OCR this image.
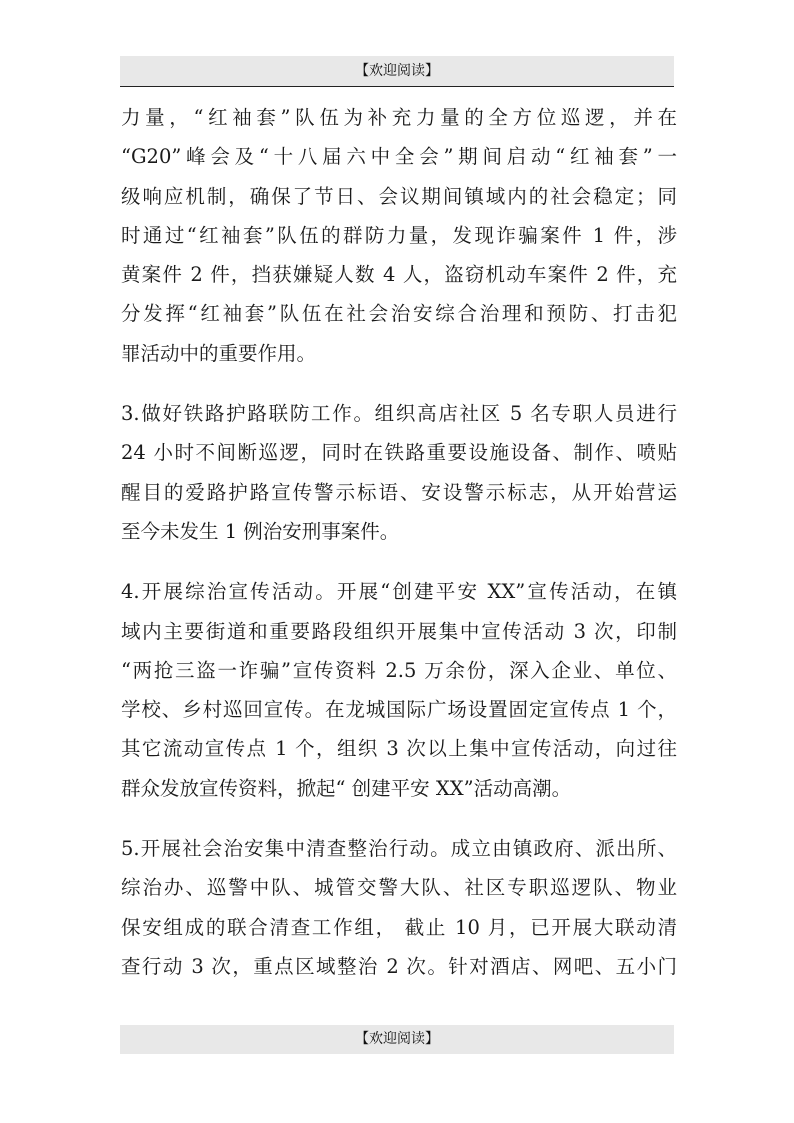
【欢迎阅读】

力量，“红袖套”队伍为补充力量的全方位巡逻，并在
“G20”峰会及“十八届六中全会”期间启动“红袖套”一
级响应机制，确保了节日、会议期间镇域内的社会稳定；同
时通过“红袖套”队伍的群防力量，发现诈骗案件 1 件，涉
黄案件 2 件，挡获嫌疑人数 4 人，盗窃机动车案件 2 件，充
分发挥“红袖套”队伍在社会治安综合治理和预防、打击犯
罪活动中的重要作用。

3.做好铁路护路联防工作。组织高店社区 5 名专职人员进行
24 小时不间断巡逻，同时在铁路重要设施设备、制作、喷贴
醒目的爱路护路宣传警示标语、安设警示标志，从开始营运
至今未发生 1 例治安刑事案件。

4.开展综治宣传活动。开展“创建平安 XX”宣传活动，在镇
域内主要街道和重要路段组织开展集中宣传活动 3 次，印制
“两抢三盗一诈骗”宣传资料 2.5 万余份，深入企业、单位、
学校、乡村巡回宣传。在龙城国际广场设置固定宣传点 1 个，
其它流动宣传点 1 个，组织 3 次以上集中宣传活动，向过往
群众发放宣传资料，掀起“ 创建平安 XX”活动高潮。

5.开展社会治安集中清查整治行动。成立由镇政府、派出所、
综治办、巡警中队、城管交警大队、社区专职巡逻队、物业
保安组成的联合清查工作组， 截止 10 月，已开展大联动清
查行动 3 次，重点区域整治 2 次。针对酒店、网吧、五小门

【欢迎阅读】
